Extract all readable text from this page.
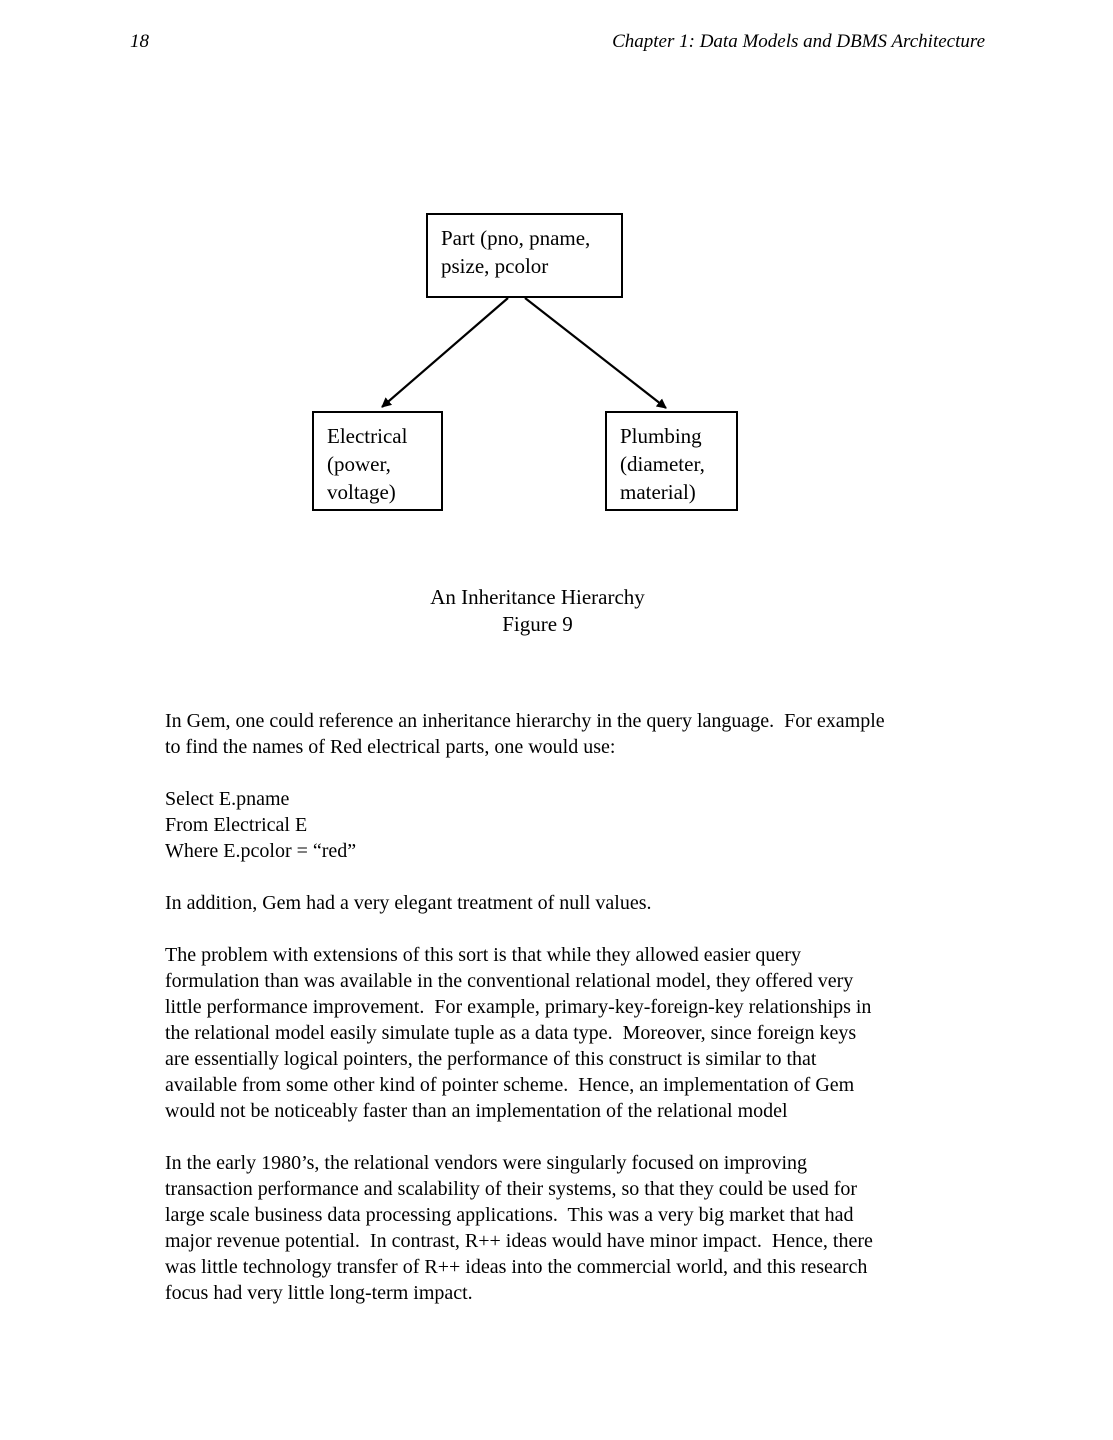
18	Chapter 1: Data Models and DBMS Architecture
Part (pno, pname,
psize, pcolor
Electrical
(power,
voltage)
Plumbing
(diameter,
material)
An Inheritance Hierarchy
Figure 9
In Gem, one could reference an inheritance hierarchy in the query language.  For example
to find the names of Red electrical parts, one would use:
Select E.pname
From Electrical E
Where E.pcolor = “red”
In addition, Gem had a very elegant treatment of null values.
The problem with extensions of this sort is that while they allowed easier query
formulation than was available in the conventional relational model, they offered very
little performance improvement.  For example, primary-key-foreign-key relationships in
the relational model easily simulate tuple as a data type.  Moreover, since foreign keys
are essentially logical pointers, the performance of this construct is similar to that
available from some other kind of pointer scheme.  Hence, an implementation of Gem
would not be noticeably faster than an implementation of the relational model
In the early 1980’s, the relational vendors were singularly focused on improving
transaction performance and scalability of their systems, so that they could be used for
large scale business data processing applications.  This was a very big market that had
major revenue potential.  In contrast, R++ ideas would have minor impact.  Hence, there
was little technology transfer of R++ ideas into the commercial world, and this research
focus had very little long-term impact.
